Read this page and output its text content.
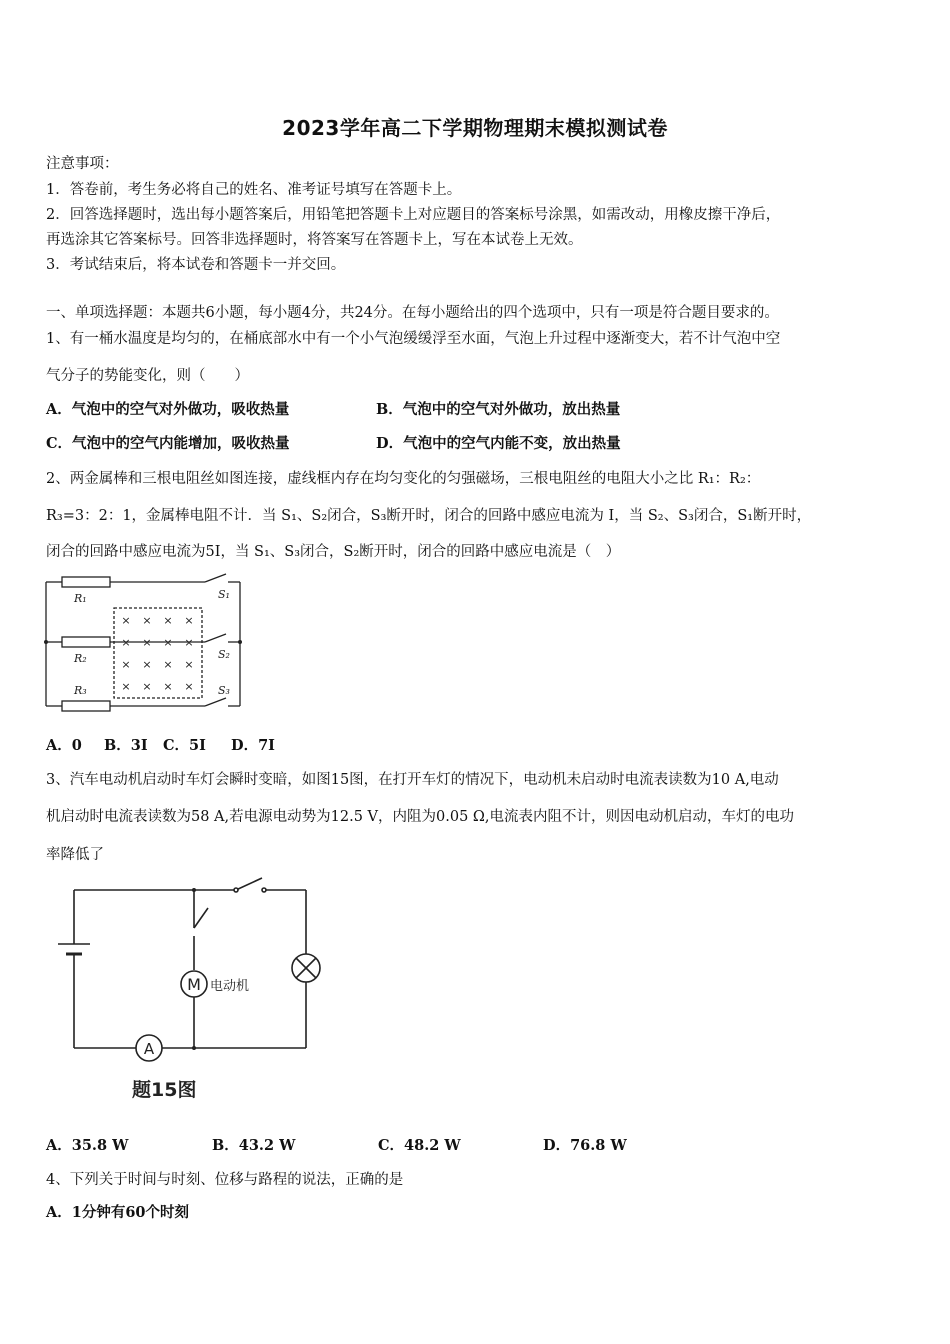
2023学年高二下学期物理期末模拟测试卷
注意事项：
1．答卷前，考生务必将自己的姓名、准考证号填写在答题卡上。
2．回答选择题时，选出每小题答案后，用铅笔把答题卡上对应题目的答案标号涂黑，如需改动，用橡皮擦干净后，
再选涂其它答案标号。回答非选择题时，将答案写在答题卡上，写在本试卷上无效。
3．考试结束后，将本试卷和答题卡一并交回。
一、单项选择题：本题共6小题，每小题4分，共24分。在每小题给出的四个选项中，只有一项是符合题目要求的。
1、有一桶水温度是均匀的，在桶底部水中有一个小气泡缓缓浮至水面，气泡上升过程中逐渐变大，若不计气泡中空
气分子的势能变化，则（　　）
A．气泡中的空气对外做功，吸收热量	B．气泡中的空气对外做功，放出热量
C．气泡中的空气内能增加，吸收热量	D．气泡中的空气内能不变，放出热量
2、两金属棒和三根电阻丝如图连接，虚线框内存在均匀变化的匀强磁场，三根电阻丝的电阻大小之比 R₁：R₂：
R₃=3：2：1，金属棒电阻不计．当 S₁、S₂闭合，S₃断开时，闭合的回路中感应电流为 I，当 S₂、S₃闭合，S₁断开时，
闭合的回路中感应电流为5I，当 S₁、S₃闭合，S₂断开时，闭合的回路中感应电流是（　）
× × × ×
× × × ×
× × × ×
× × × ×
R₁
R₂
R₃
S₁
S₂
S₃
A．0 B．3I C．5I D．7I
3、汽车电动机启动时车灯会瞬时变暗，如图15图，在打开车灯的情况下，电动机未启动时电流表读数为10 A,电动
机启动时电流表读数为58 A,若电源电动势为12.5 V，内阻为0.05 Ω,电流表内阻不计，则因电动机启动，车灯的电功
率降低了
M 电动机
A
题15图
A．35.8 W	B．43.2 W	C．48.2 W	D．76.8 W
4、下列关于时间与时刻、位移与路程的说法，正确的是
A．1分钟有60个时刻
